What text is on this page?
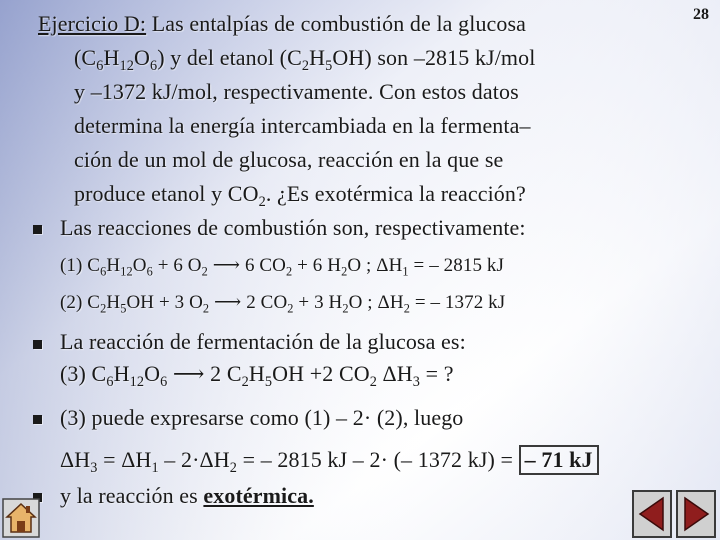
28
Ejercicio D: Las entalpías de combustión de la glucosa
$(C_6H_{12}O_6)$ y del etanol $(C_2H_5OH)$ son –2815 kJ/mol
y –1372 kJ/mol, respectivamente. Con estos datos
determina la energía intercambiada en la fermenta–
ción de un mol de glucosa, reacción en la que se
produce etanol y $CO_2$. ¿Es exotérmica la reacción?
Las reacciones de combustión son, respectivamente:
(1) $C_6H_{12}O_6 + 6$ $O_2$ ⟶ 6 $CO_2 + 6$ $H_2O$ ; $\Delta H_1$ = – 2815 kJ
(2) $C_2H_5OH + 3$ $O_2$ ⟶ 2 $CO_2 + 3$ $H_2O$ ; $\Delta H_2$ = – 1372 kJ
La reacción de fermentación de la glucosa es:
(3) $C_6H_{12}O_6$ ⟶ 2 $C_2H_5OH +2$ $CO_2$ $\Delta H_3$ = ?
(3) puede expresarse como (1) – 2· (2), luego
$\Delta H_3 = \Delta H_1 - 2\cdot\Delta H_2$ = – 2815 kJ – 2· (– 1372 kJ) = – 71 kJ
y la reacción es exotérmica.
